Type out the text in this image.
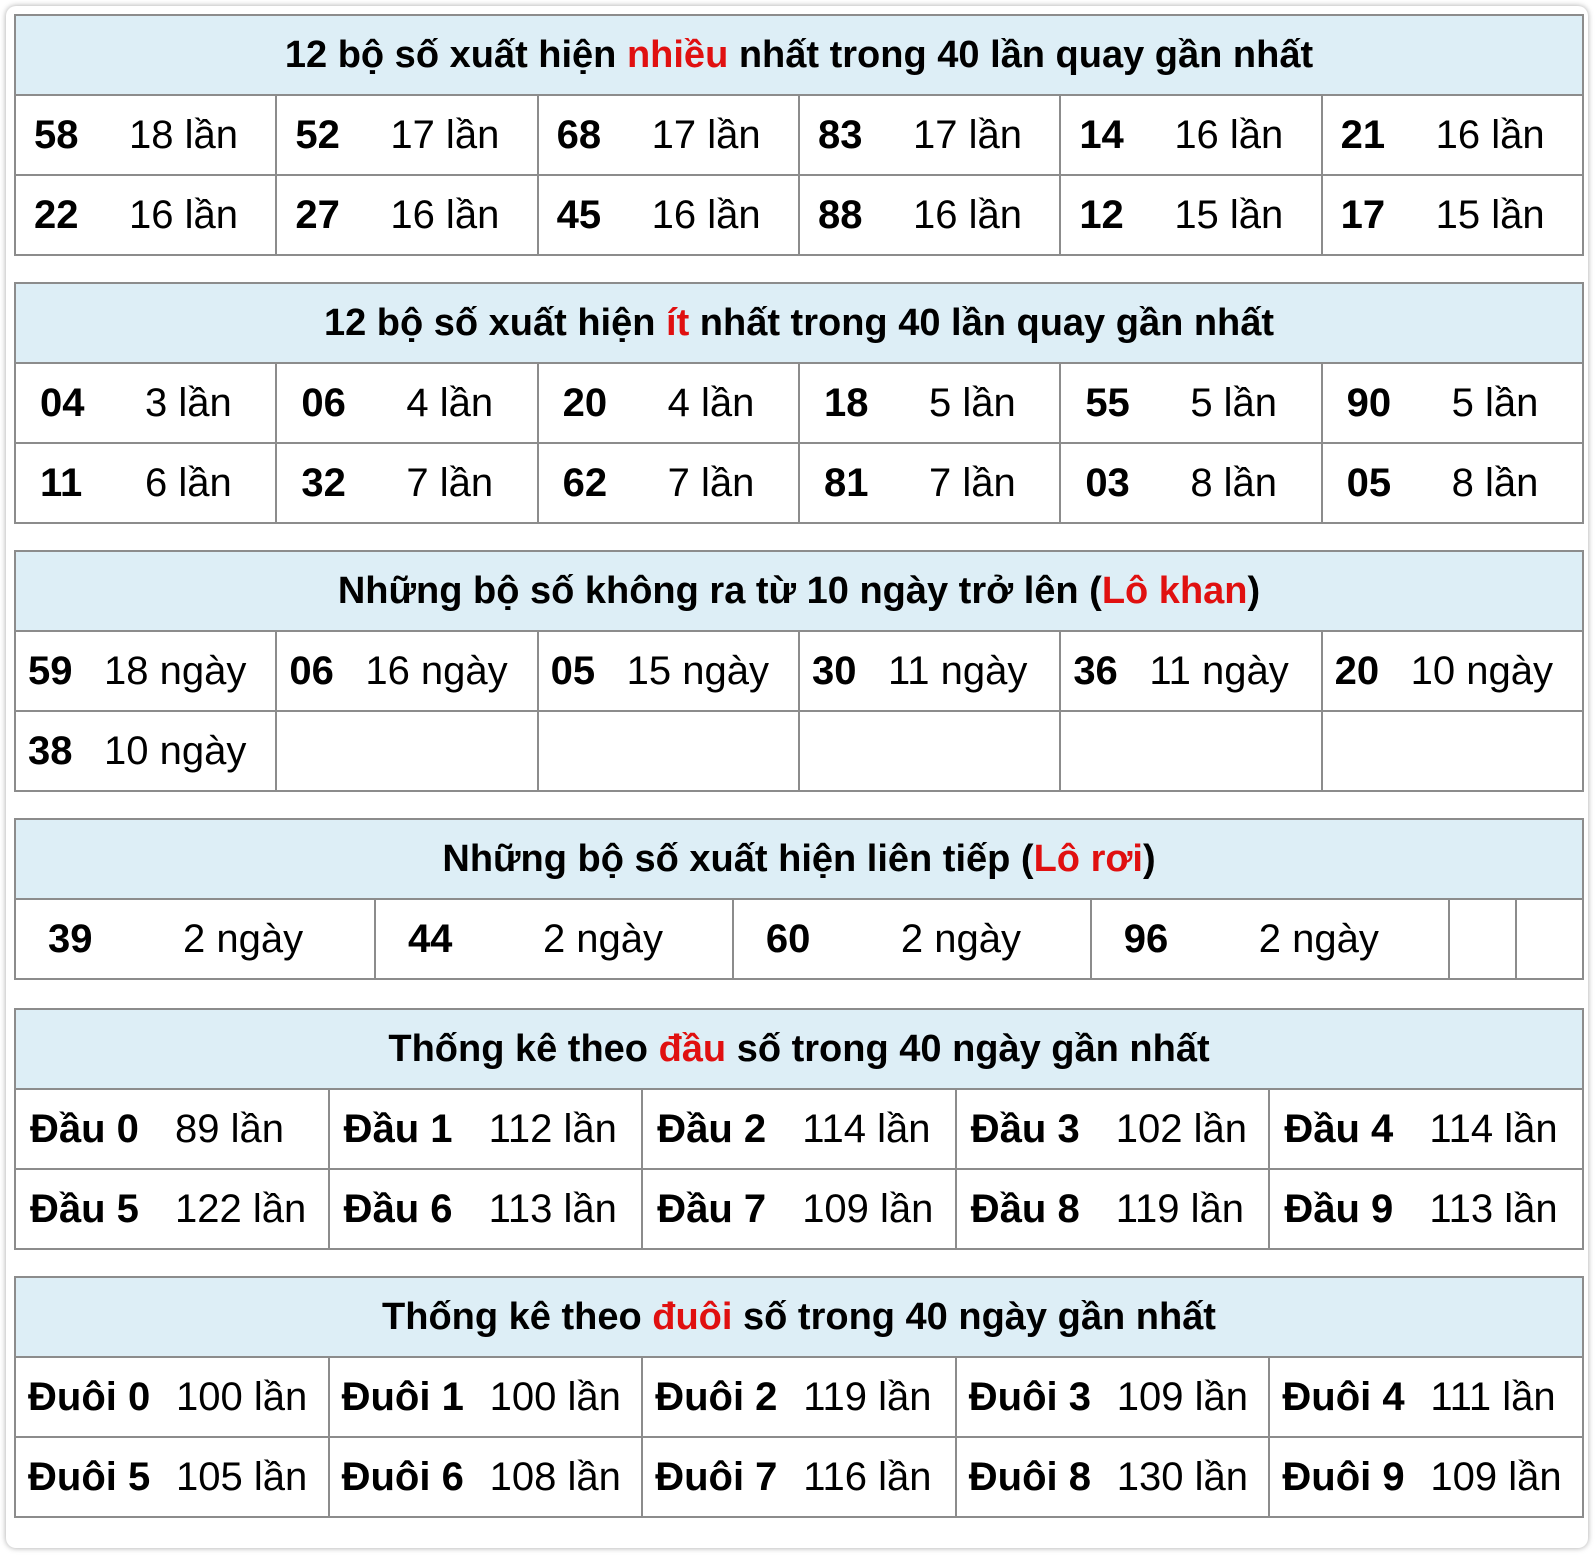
12 bộ số xuất hiện nhiều nhất trong 40 lần quay gần nhất					

58 18 lần	52 17 lần	68 17 lần	83 17 lần	14 16 lần	21 16 lần

22 16 lần	27 16 lần	45 16 lần	88 16 lần	12 15 lần	17 15 lần
12 bộ số xuất hiện ít nhất trong 40 lần quay gần nhất					

04 3 lần	06 4 lần	20 4 lần	18 5 lần	55 5 lần	90 5 lần

11 6 lần	32 7 lần	62 7 lần	81 7 lần	03 8 lần	05 8 lần
Những bộ số không ra từ 10 ngày trở lên (Lô khan)					

59 18 ngày	06 16 ngày	05 15 ngày	30 11 ngày	36 11 ngày	20 10 ngày

38 10 ngày					

Những bộ số xuất hiện liên tiếp (Lô rơi)

39	2 ngày	44	2 ngày	60	2 ngày	96	2 ngày

Thống kê theo đầu số trong 40 ngày gần nhất				

Đầu 0 89 lần	Đầu 1 112 lần	Đầu 2 114 lần	Đầu 3 102 lần	Đầu 4 114 lần

Đầu 5 122 lần	Đầu 6 113 lần	Đầu 7 109 lần	Đầu 8 119 lần	Đầu 9 113 lần
Thống kê theo đuôi số trong 40 ngày gần nhất				

Đuôi 0 100 lần	Đuôi 1 100 lần	Đuôi 2 119 lần	Đuôi 3 109 lần	Đuôi 4 111 lần

Đuôi 5 105 lần	Đuôi 6 108 lần	Đuôi 7 116 lần	Đuôi 8 130 lần	Đuôi 9 109 lần
